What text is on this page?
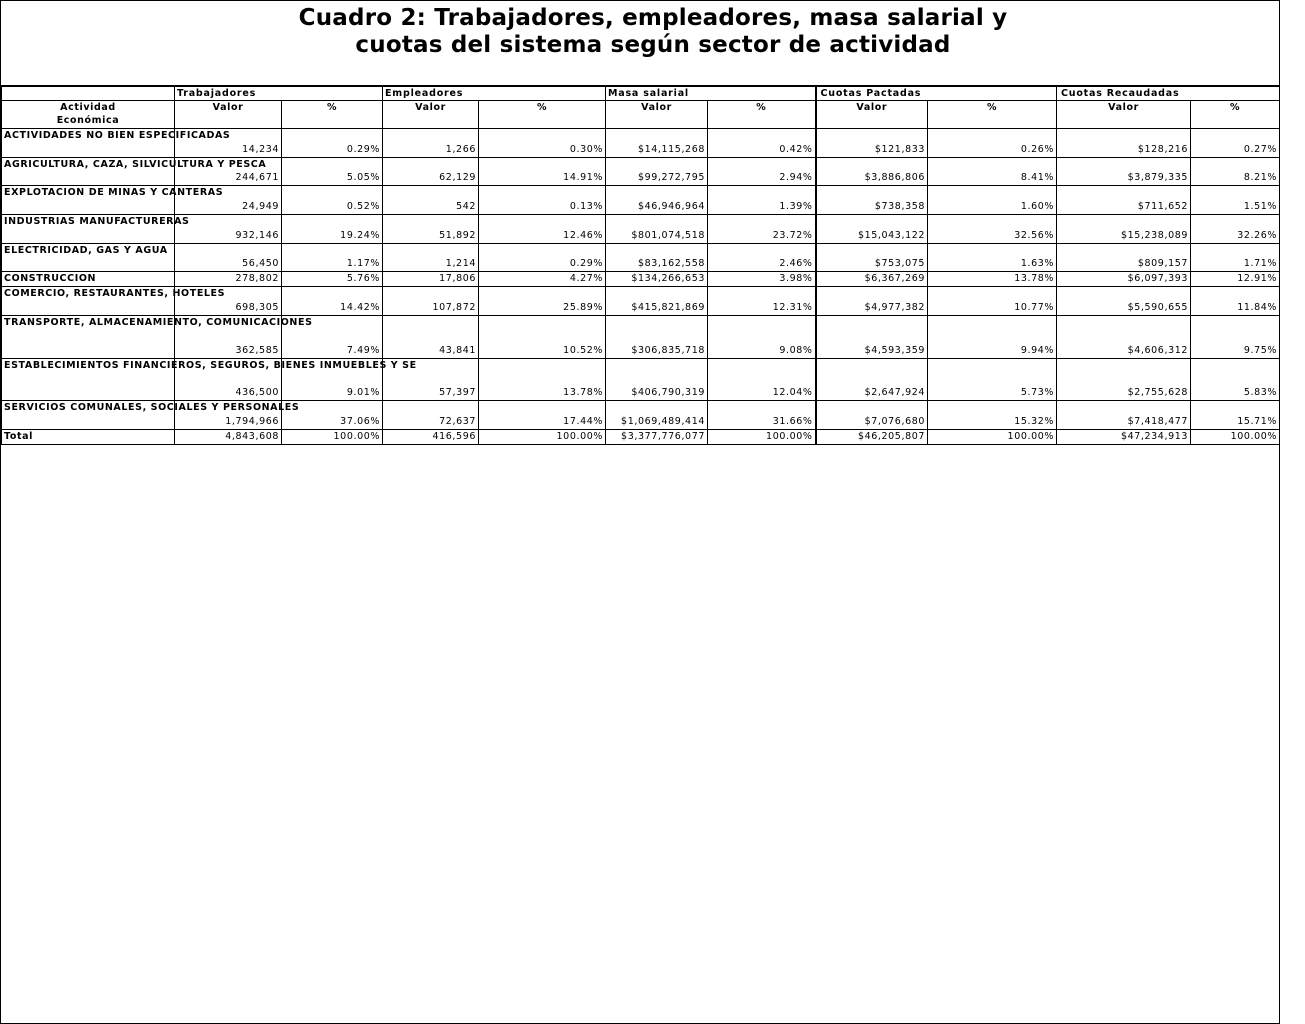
Cuadro 2: Trabajadores, empleadores, masa salarial y
cuotas del sistema según sector de actividad
	Trabajadores		Empleadores		Masa salarial		Cuotas Pactadas		Cuotas Recaudadas	
Actividad Económica	Valor	%	Valor	%	Valor	%	Valor	%	Valor	%
ACTIVIDADES NO BIEN ESPECIFICADAS	14,234	0.29%	1,266	0.30%	$14,115,268	0.42%	$121,833	0.26%	$128,216	0.27%
AGRICULTURA, CAZA, SILVICULTURA Y PESCA	244,671	5.05%	62,129	14.91%	$99,272,795	2.94%	$3,886,806	8.41%	$3,879,335	8.21%
EXPLOTACION DE MINAS Y CANTERAS	24,949	0.52%	542	0.13%	$46,946,964	1.39%	$738,358	1.60%	$711,652	1.51%
INDUSTRIAS MANUFACTURERAS	932,146	19.24%	51,892	12.46%	$801,074,518	23.72%	$15,043,122	32.56%	$15,238,089	32.26%
ELECTRICIDAD, GAS Y AGUA	56,450	1.17%	1,214	0.29%	$83,162,558	2.46%	$753,075	1.63%	$809,157	1.71%
CONSTRUCCION	278,802	5.76%	17,806	4.27%	$134,266,653	3.98%	$6,367,269	13.78%	$6,097,393	12.91%
COMERCIO, RESTAURANTES, HOTELES	698,305	14.42%	107,872	25.89%	$415,821,869	12.31%	$4,977,382	10.77%	$5,590,655	11.84%
TRANSPORTE, ALMACENAMIENTO, COMUNICACIONES	362,585	7.49%	43,841	10.52%	$306,835,718	9.08%	$4,593,359	9.94%	$4,606,312	9.75%
ESTABLECIMIENTOS FINANCIEROS, SEGUROS, BIENES INMUEBLES Y SE	436,500	9.01%	57,397	13.78%	$406,790,319	12.04%	$2,647,924	5.73%	$2,755,628	5.83%
SERVICIOS COMUNALES, SOCIALES Y PERSONALES	1,794,966	37.06%	72,637	17.44%	$1,069,489,414	31.66%	$7,076,680	15.32%	$7,418,477	15.71%
Total	4,843,608	100.00%	416,596	100.00%	$3,377,776,077	100.00%	$46,205,807	100.00%	$47,234,913	100.00%
